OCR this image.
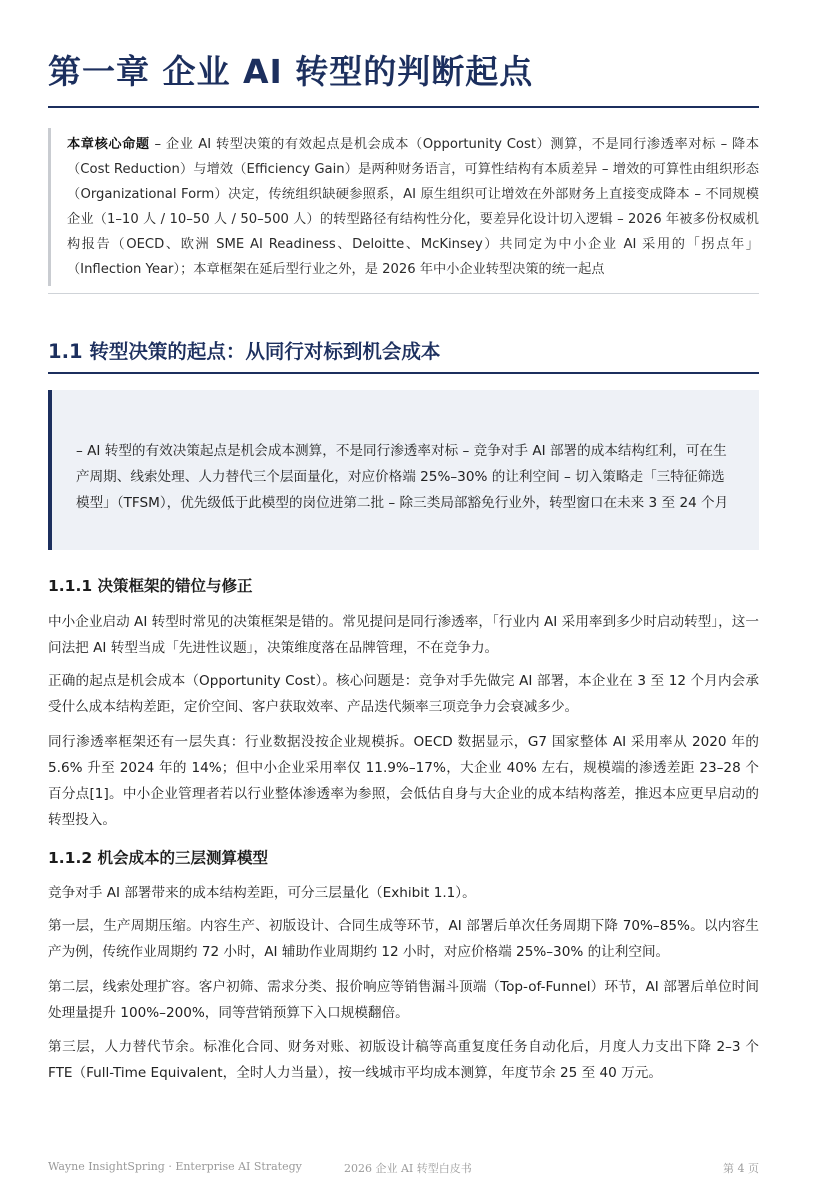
第一章 企业 AI 转型的判断起点
本章核心命题 – 企业 AI 转型决策的有效起点是机会成本（Opportunity Cost）测算，不是同行渗透率对标 – 降本（Cost Reduction）与增效（Efficiency Gain）是两种财务语言，可算性结构有本质差异 – 增效的可算性由组织形态（Organizational Form）决定，传统组织缺硬参照系，AI 原生组织可让增效在外部财务上直接变成降本 – 不同规模企业（1–10 人 / 10–50 人 / 50–500 人）的转型路径有结构性分化，要差异化设计切入逻辑 – 2026 年被多份权威机构报告（OECD、欧洲 SME AI Readiness、Deloitte、McKinsey）共同定为中小企业 AI 采用的「拐点年」（Inflection Year）；本章框架在延后型行业之外，是 2026 年中小企业转型决策的统一起点
1.1 转型决策的起点：从同行对标到机会成本
– AI 转型的有效决策起点是机会成本测算，不是同行渗透率对标 – 竞争对手 AI 部署的成本结构红利，可在生产周期、线索处理、人力替代三个层面量化，对应价格端 25%–30% 的让利空间 – 切入策略走「三特征筛选模型」（TFSM），优先级低于此模型的岗位进第二批 – 除三类局部豁免行业外，转型窗口在未来 3 至 24 个月
1.1.1 决策框架的错位与修正
中小企业启动 AI 转型时常见的决策框架是错的。常见提问是同行渗透率，「行业内 AI 采用率到多少时启动转型」，这一问法把 AI 转型当成「先进性议题」，决策维度落在品牌管理，不在竞争力。
正确的起点是机会成本（Opportunity Cost）。核心问题是：竞争对手先做完 AI 部署，本企业在 3 至 12 个月内会承受什么成本结构差距，定价空间、客户获取效率、产品迭代频率三项竞争力会衰减多少。
同行渗透率框架还有一层失真：行业数据没按企业规模拆。OECD 数据显示，G7 国家整体 AI 采用率从 2020 年的 5.6% 升至 2024 年的 14%；但中小企业采用率仅 11.9%–17%，大企业 40% 左右，规模端的渗透差距 23–28 个百分点[1]。中小企业管理者若以行业整体渗透率为参照，会低估自身与大企业的成本结构落差，推迟本应更早启动的转型投入。
1.1.2 机会成本的三层测算模型
竞争对手 AI 部署带来的成本结构差距，可分三层量化（Exhibit 1.1）。
第一层，生产周期压缩。内容生产、初版设计、合同生成等环节，AI 部署后单次任务周期下降 70%–85%。以内容生产为例，传统作业周期约 72 小时，AI 辅助作业周期约 12 小时，对应价格端 25%–30% 的让利空间。
第二层，线索处理扩容。客户初筛、需求分类、报价响应等销售漏斗顶端（Top-of-Funnel）环节，AI 部署后单位时间处理量提升 100%–200%，同等营销预算下入口规模翻倍。
第三层，人力替代节余。标准化合同、财务对账、初版设计稿等高重复度任务自动化后，月度人力支出下降 2–3 个 FTE（Full-Time Equivalent，全时人力当量），按一线城市平均成本测算，年度节余 25 至 40 万元。
Wayne InsightSpring · Enterprise AI Strategy	2026 企业 AI 转型白皮书	第 4 页
